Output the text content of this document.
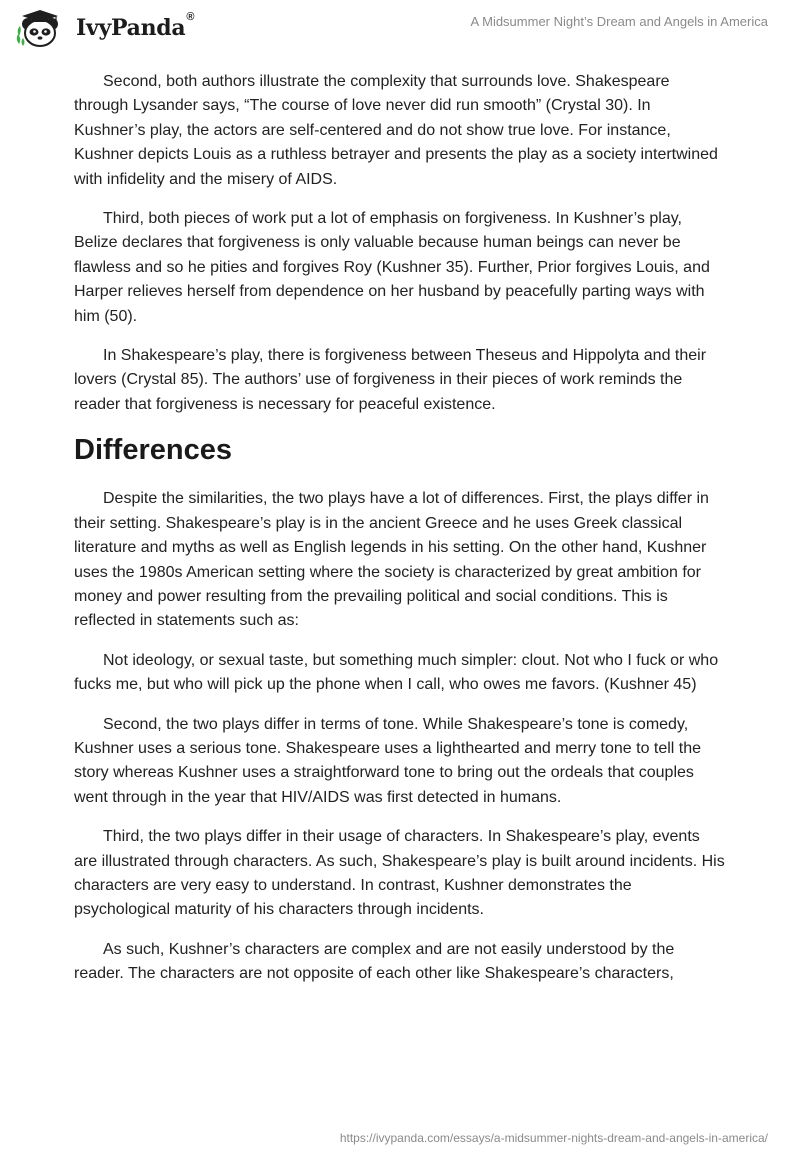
IvyPanda®	A Midsummer Night’s Dream and Angels in America

Second, both authors illustrate the complexity that surrounds love. Shakespeare through Lysander says, “The course of love never did run smooth” (Crystal 30). In Kushner’s play, the actors are self-centered and do not show true love. For instance, Kushner depicts Louis as a ruthless betrayer and presents the play as a society intertwined with infidelity and the misery of AIDS.

Third, both pieces of work put a lot of emphasis on forgiveness. In Kushner’s play, Belize declares that forgiveness is only valuable because human beings can never be flawless and so he pities and forgives Roy (Kushner 35). Further, Prior forgives Louis, and Harper relieves herself from dependence on her husband by peacefully parting ways with him (50).

In Shakespeare’s play, there is forgiveness between Theseus and Hippolyta and their lovers (Crystal 85). The authors’ use of forgiveness in their pieces of work reminds the reader that forgiveness is necessary for peaceful existence.

Differences

Despite the similarities, the two plays have a lot of differences. First, the plays differ in their setting. Shakespeare’s play is in the ancient Greece and he uses Greek classical literature and myths as well as English legends in his setting. On the other hand, Kushner uses the 1980s American setting where the society is characterized by great ambition for money and power resulting from the prevailing political and social conditions. This is reflected in statements such as:

Not ideology, or sexual taste, but something much simpler: clout. Not who I fuck or who fucks me, but who will pick up the phone when I call, who owes me favors. (Kushner 45)

Second, the two plays differ in terms of tone. While Shakespeare’s tone is comedy, Kushner uses a serious tone. Shakespeare uses a lighthearted and merry tone to tell the story whereas Kushner uses a straightforward tone to bring out the ordeals that couples went through in the year that HIV/AIDS was first detected in humans.

Third, the two plays differ in their usage of characters. In Shakespeare’s play, events are illustrated through characters. As such, Shakespeare’s play is built around incidents. His characters are very easy to understand. In contrast, Kushner demonstrates the psychological maturity of his characters through incidents.

As such, Kushner’s characters are complex and are not easily understood by the reader. The characters are not opposite of each other like Shakespeare’s characters,

https://ivypanda.com/essays/a-midsummer-nights-dream-and-angels-in-america/
